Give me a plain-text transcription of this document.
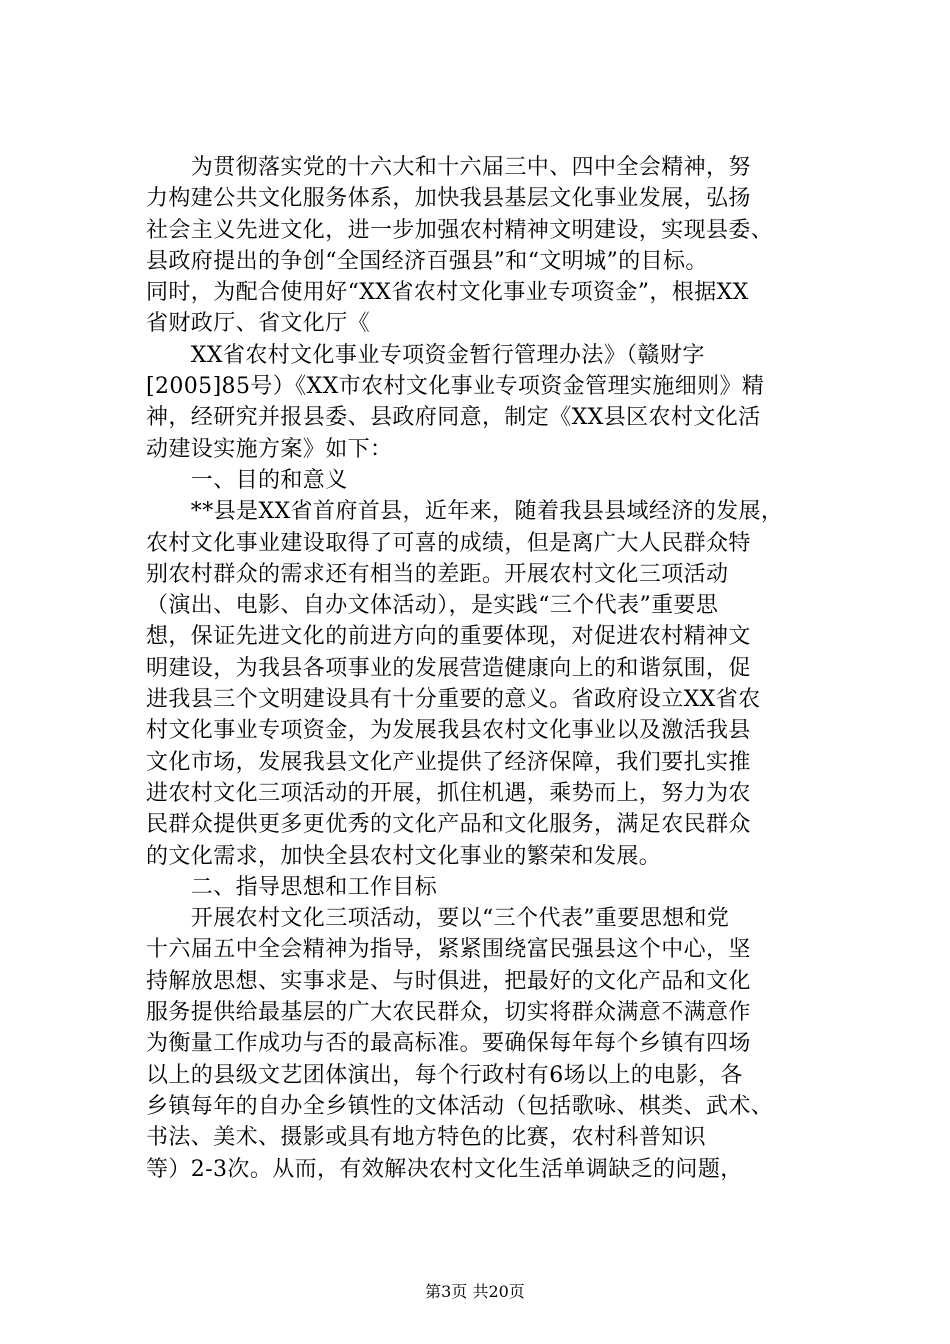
　　为贯彻落实党的十六大和十六届三中、四中全会精神，努
力构建公共文化服务体系，加快我县基层文化事业发展，弘扬
社会主义先进文化，进一步加强农村精神文明建设，实现县委、
县政府提出的争创“全国经济百强县”和“文明城”的目标。
同时，为配合使用好“XX省农村文化事业专项资金”，根据XX
省财政厅、省文化厅《
　　XX省农村文化事业专项资金暂行管理办法》（赣财字
[2005]85号）《XX市农村文化事业专项资金管理实施细则》精
神，经研究并报县委、县政府同意，制定《XX县区农村文化活
动建设实施方案》如下：
　　一、目的和意义
　　**县是XX省首府首县，近年来，随着我县县域经济的发展，
农村文化事业建设取得了可喜的成绩，但是离广大人民群众特
别农村群众的需求还有相当的差距。开展农村文化三项活动
（演出、电影、自办文体活动），是实践“三个代表”重要思
想，保证先进文化的前进方向的重要体现，对促进农村精神文
明建设，为我县各项事业的发展营造健康向上的和谐氛围，促
进我县三个文明建设具有十分重要的意义。省政府设立XX省农
村文化事业专项资金，为发展我县农村文化事业以及激活我县
文化市场，发展我县文化产业提供了经济保障，我们要扎实推
进农村文化三项活动的开展，抓住机遇，乘势而上，努力为农
民群众提供更多更优秀的文化产品和文化服务，满足农民群众
的文化需求，加快全县农村文化事业的繁荣和发展。
　　二、指导思想和工作目标
　　开展农村文化三项活动，要以“三个代表”重要思想和党
十六届五中全会精神为指导，紧紧围绕富民强县这个中心，坚
持解放思想、实事求是、与时俱进，把最好的文化产品和文化
服务提供给最基层的广大农民群众，切实将群众满意不满意作
为衡量工作成功与否的最高标准。要确保每年每个乡镇有四场
以上的县级文艺团体演出，每个行政村有6场以上的电影，各
乡镇每年的自办全乡镇性的文体活动（包括歌咏、棋类、武术、
书法、美术、摄影或具有地方特色的比赛，农村科普知识
等）2-3次。从而，有效解决农村文化生活单调缺乏的问题，
第3页 共20页
